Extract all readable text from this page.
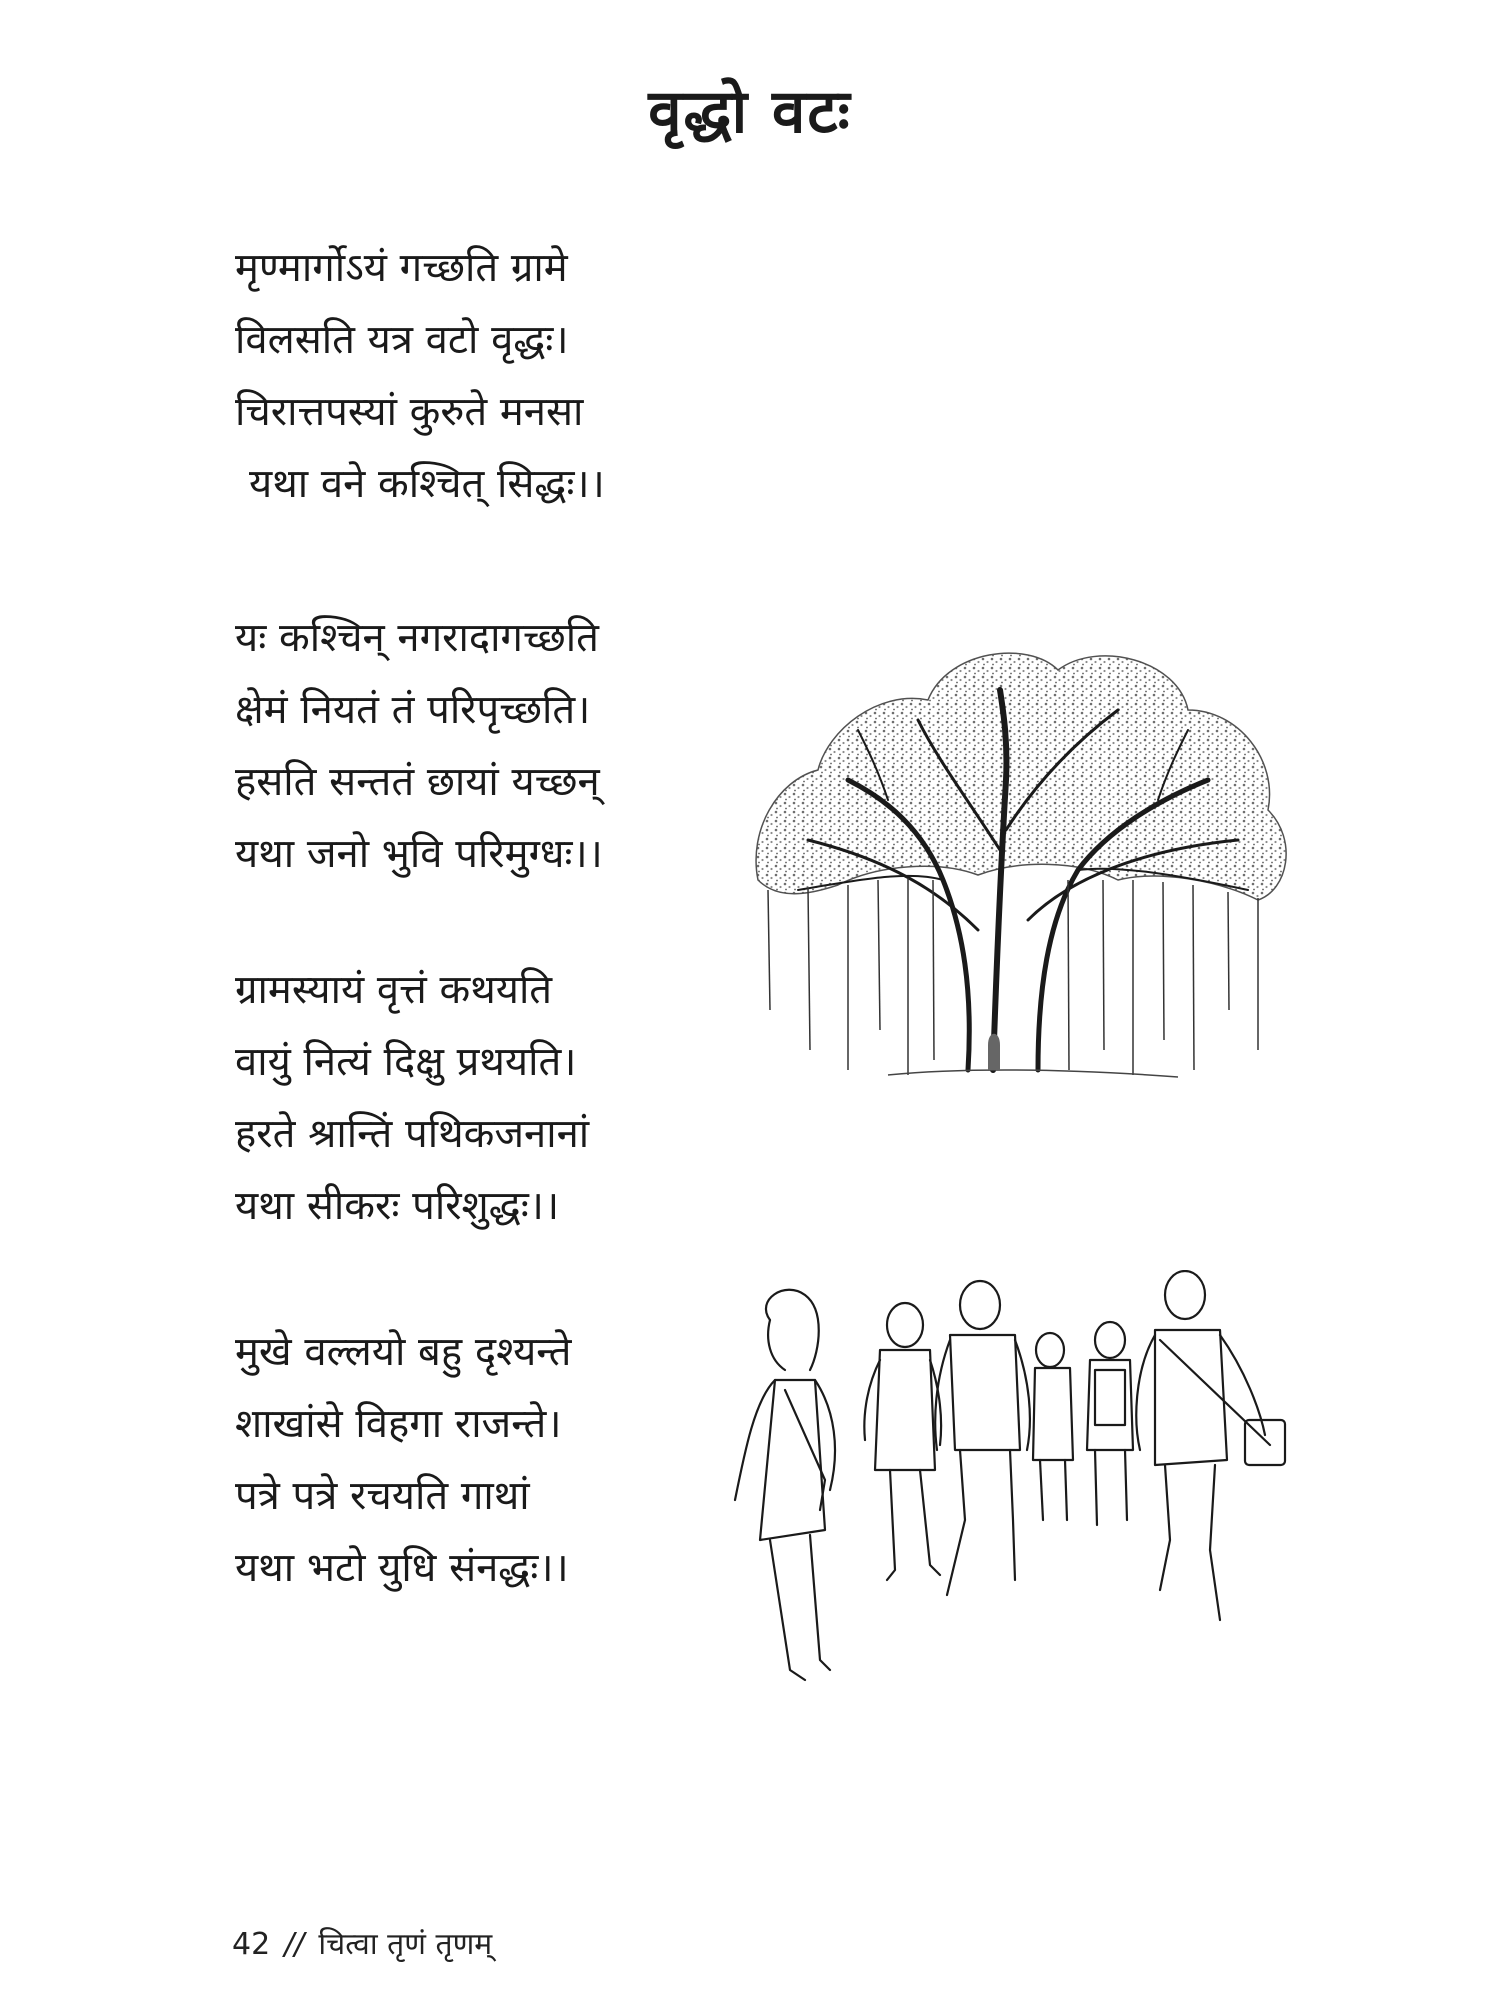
वृद्धो वटः
मृण्मार्गोऽयं गच्छति ग्रामे
विलसति यत्र वटो वृद्धः।
चिरात्तपस्यां कुरुते मनसा
यथा वने कश्चित् सिद्धः।।
यः कश्चिन् नगरादागच्छति
क्षेमं नियतं तं परिपृच्छति।
हसति सन्ततं छायां यच्छन्
यथा जनो भुवि परिमुग्धः।।
ग्रामस्यायं वृत्तं कथयति
वायुं नित्यं दिक्षु प्रथयति।
हरते श्रान्तिं पथिकजनानां
यथा सीकरः परिशुद्धः।।
मुखे वल्लयो बहु दृश्यन्ते
शाखांसे विहगा राजन्ते।
पत्रे पत्रे रचयति गाथां
यथा भटो युधि संनद्धः।।
42 // चित्वा तृणं तृणम्
